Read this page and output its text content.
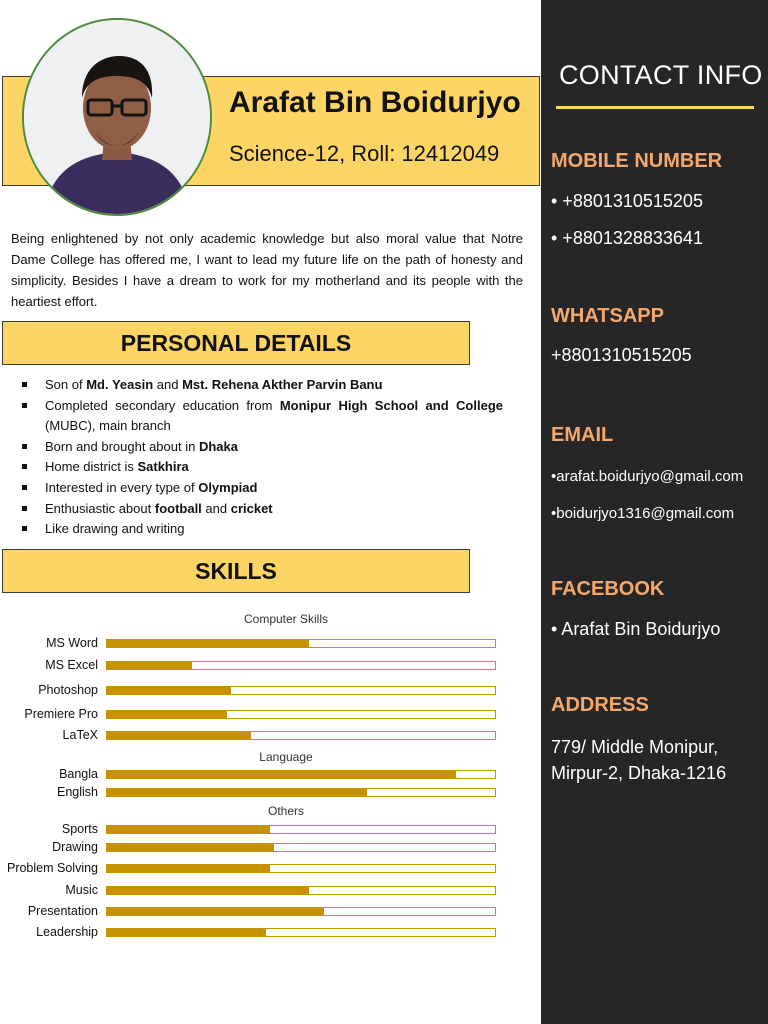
Arafat Bin Boidurjyo
Science-12, Roll: 12412049
Being enlightened by not only academic knowledge but also moral value that Notre Dame College has offered me, I want to lead my future life on the path of honesty and simplicity. Besides I have a dream to work for my motherland and its people with the heartiest effort.
PERSONAL DETAILS
Son of Md. Yeasin and Mst. Rehena Akther Parvin Banu
Completed secondary education from Monipur High School and College (MUBC), main branch
Born and brought about in Dhaka
Home district is Satkhira
Interested in every type of Olympiad
Enthusiastic about football and cricket
Like drawing and writing
SKILLS
Computer Skills
MS Word
MS Excel
Photoshop
Premiere Pro
LaTeX
Language
Bangla
English
Others
Sports
Drawing
Problem Solving
Music
Presentation
Leadership
CONTACT INFO
MOBILE NUMBER
• +8801310515205
• +8801328833641
WHATSAPP
+8801310515205
EMAIL
•arafat.boidurjyo@gmail.com
•boidurjyo1316@gmail.com
FACEBOOK
• Arafat Bin Boidurjyo
ADDRESS
779/ Middle Monipur,
Mirpur-2, Dhaka-1216
